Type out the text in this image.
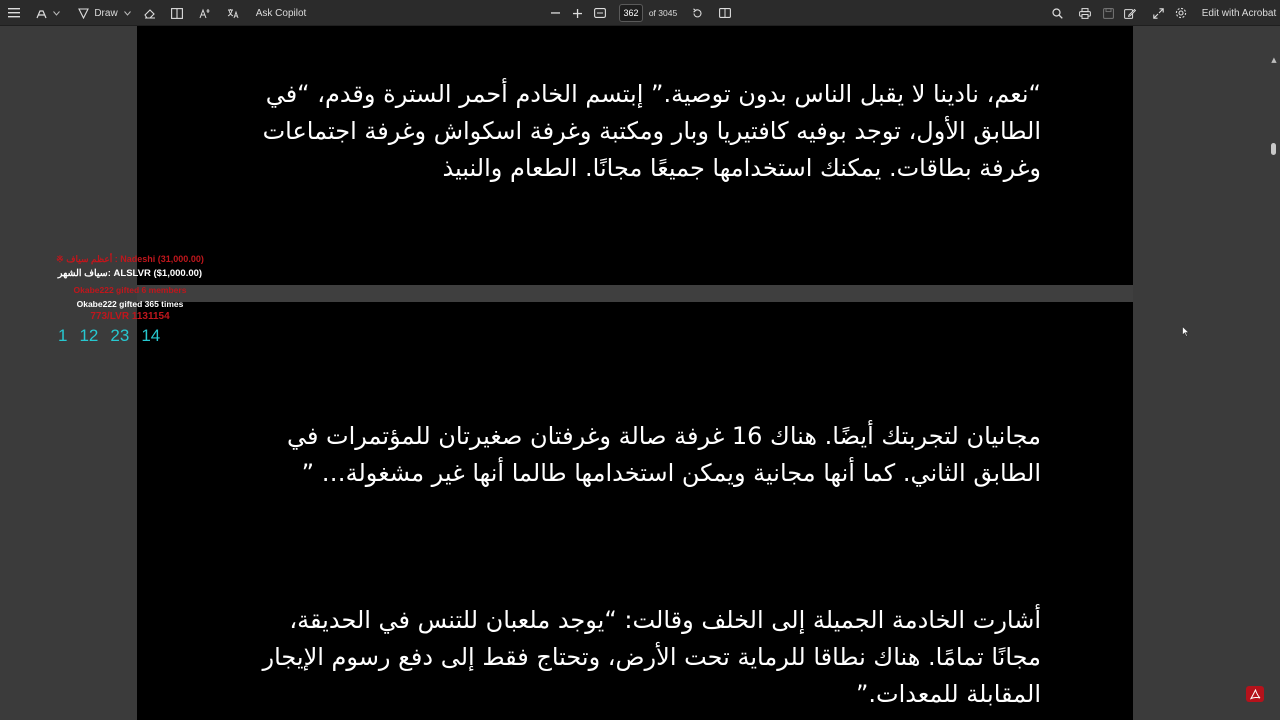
Draw	Ask Copilot	362	of 3045	Edit with Acrobat
“نعم، نادينا لا يقبل الناس بدون توصية.” إبتسم الخادم أحمر السترة وقدم، “في الطابق الأول، توجد بوفيه كافتيريا وبار ومكتبة وغرفة اسكواش وغرفة اجتماعات وغرفة بطاقات. يمكنك استخدامها جميعًا مجانًا. الطعام والنبيذ
مجانيان لتجربتك أيضًا. هناك 16 غرفة صالة وغرفتان صغيرتان للمؤتمرات في الطابق الثاني. كما أنها مجانية ويمكن استخدامها طالما أنها غير مشغولة… ”
أشارت الخادمة الجميلة إلى الخلف وقالت: “يوجد ملعبان للتنس في الحديقة، مجانًا تمامًا. هناك نطاقا للرماية تحت الأرض، وتحتاج فقط إلى دفع رسوم الإيجار المقابلة للمعدات.”
▲
※ أعظم سياف : Nadeshi (31,000.00)
سياف الشهر: ALSLVR ($1,000.00)
Okabe222 gifted 6 members
Okabe222 gifted 365 times
773/LVR 1131154
1 12 23 14
